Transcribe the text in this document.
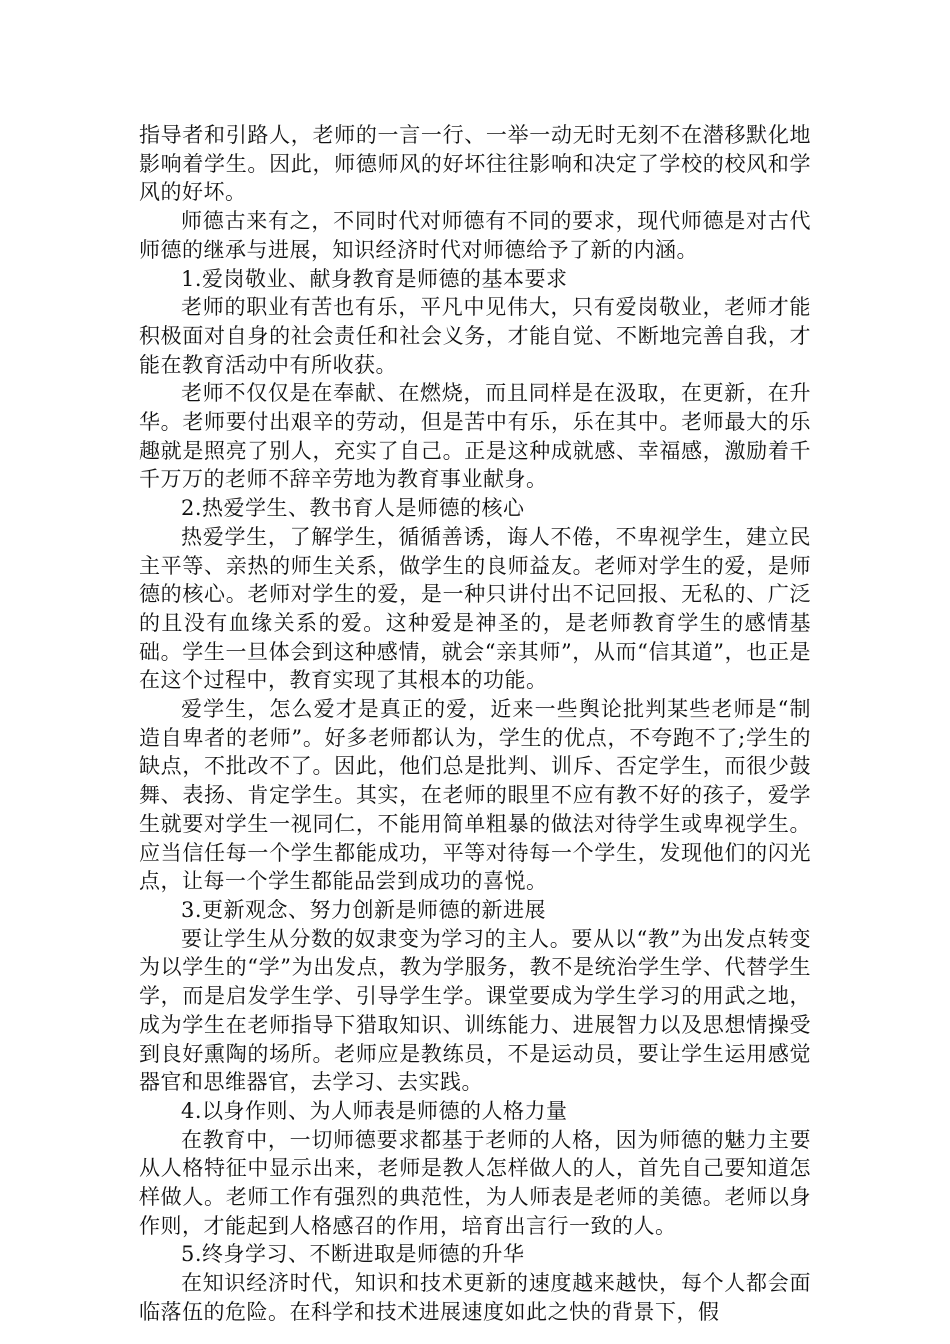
指导者和引路人，老师的一言一行、一举一动无时无刻不在潜移默化地影响着学生。因此，师德师风的好坏往往影响和决定了学校的校风和学风的好坏。

师德古来有之，不同时代对师德有不同的要求，现代师德是对古代师德的继承与进展，知识经济时代对师德给予了新的内涵。

1.爱岗敬业、献身教育是师德的基本要求

老师的职业有苦也有乐，平凡中见伟大，只有爱岗敬业，老师才能积极面对自身的社会责任和社会义务，才能自觉、不断地完善自我，才能在教育活动中有所收获。

老师不仅仅是在奉献、在燃烧，而且同样是在汲取，在更新，在升华。老师要付出艰辛的劳动，但是苦中有乐，乐在其中。老师最大的乐趣就是照亮了别人，充实了自己。正是这种成就感、幸福感，激励着千千万万的老师不辞辛劳地为教育事业献身。

2.热爱学生、教书育人是师德的核心

热爱学生，了解学生，循循善诱，诲人不倦，不卑视学生，建立民主平等、亲热的师生关系，做学生的良师益友。老师对学生的爱，是师德的核心。老师对学生的爱，是一种只讲付出不记回报、无私的、广泛的且没有血缘关系的爱。这种爱是神圣的，是老师教育学生的感情基础。学生一旦体会到这种感情，就会“亲其师”，从而“信其道”，也正是在这个过程中，教育实现了其根本的功能。

爱学生，怎么爱才是真正的爱，近来一些舆论批判某些老师是“制造自卑者的老师”。好多老师都认为，学生的优点，不夸跑不了;学生的缺点，不批改不了。因此，他们总是批判、训斥、否定学生，而很少鼓舞、表扬、肯定学生。其实，在老师的眼里不应有教不好的孩子，爱学生就要对学生一视同仁，不能用简单粗暴的做法对待学生或卑视学生。应当信任每一个学生都能成功，平等对待每一个学生，发现他们的闪光点，让每一个学生都能品尝到成功的喜悦。

3.更新观念、努力创新是师德的新进展

要让学生从分数的奴隶变为学习的主人。要从以“教”为出发点转变为以学生的“学”为出发点，教为学服务，教不是统治学生学、代替学生学，而是启发学生学、引导学生学。课堂要成为学生学习的用武之地，成为学生在老师指导下猎取知识、训练能力、进展智力以及思想情操受到良好熏陶的场所。老师应是教练员，不是运动员，要让学生运用感觉器官和思维器官，去学习、去实践。

4.以身作则、为人师表是师德的人格力量

在教育中，一切师德要求都基于老师的人格，因为师德的魅力主要从人格特征中显示出来，老师是教人怎样做人的人，首先自己要知道怎样做人。老师工作有强烈的典范性，为人师表是老师的美德。老师以身作则，才能起到人格感召的作用，培育出言行一致的人。

5.终身学习、不断进取是师德的升华

在知识经济时代，知识和技术更新的速度越来越快，每个人都会面临落伍的危险。在科学和技术进展速度如此之快的背景下，假
